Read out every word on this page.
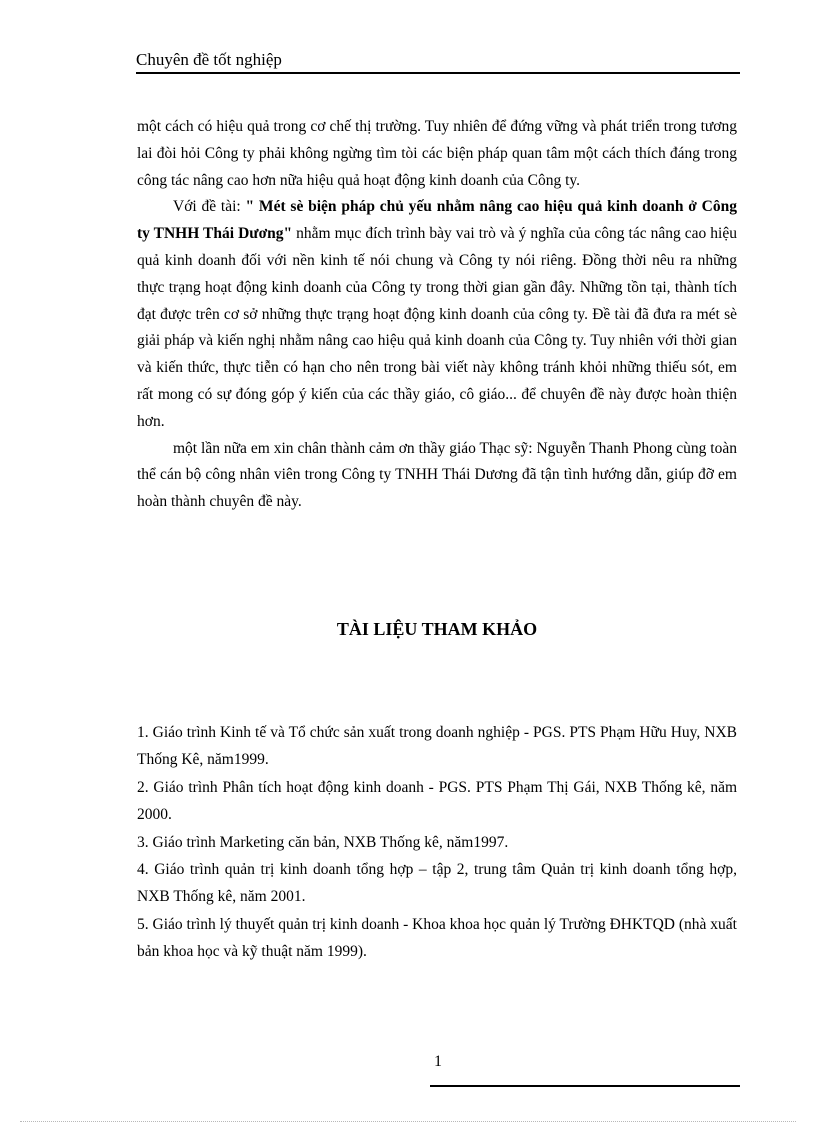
Chuyên đề tốt nghiệp

một cách có hiệu quả trong cơ chế thị trường. Tuy nhiên để đứng vững và phát triển trong tương lai đòi hỏi Công ty phải không ngừng tìm tòi các biện pháp quan tâm một cách thích đáng trong công tác nâng cao hơn nữa hiệu quả hoạt động kinh doanh của Công ty.

Với đề tài: " Mét sè biện pháp chủ yếu nhằm nâng cao hiệu quả kinh doanh ở Công ty TNHH Thái Dương" nhằm mục đích trình bày vai trò và ý nghĩa của công tác nâng cao hiệu quả kinh doanh đối với nền kinh tế nói chung và Công ty nói riêng. Đồng thời nêu ra những thực trạng hoạt động kinh doanh của Công ty trong thời gian gần đây. Những tồn tại, thành tích đạt được trên cơ sở những thực trạng hoạt động kinh doanh của công ty. Đề tài đã đưa ra mét sè giải pháp và kiến nghị nhằm nâng cao hiệu quả kinh doanh của Công ty. Tuy nhiên với thời gian và kiến thức, thực tiễn có hạn cho nên trong bài viết này không tránh khỏi những thiếu sót, em rất mong có sự đóng góp ý kiến của các thầy giáo, cô giáo... để chuyên đề này được hoàn thiện hơn.

một lần nữa em xin chân thành cảm ơn thầy giáo Thạc sỹ: Nguyễn Thanh Phong cùng toàn thể cán bộ công nhân viên trong Công ty TNHH Thái Dương đã tận tình hướng dẫn, giúp đỡ em hoàn thành chuyên đề này.

TÀI LIỆU THAM KHẢO
1. Giáo trình Kinh tế và Tổ chức sản xuất trong doanh nghiệp - PGS. PTS Phạm Hữu Huy, NXB Thống Kê, năm1999.
2. Giáo trình Phân tích hoạt động kinh doanh - PGS. PTS Phạm Thị Gái, NXB Thống kê, năm 2000.
3. Giáo trình Marketing căn bản, NXB Thống kê, năm1997.
4. Giáo trình quản trị kinh doanh tổng hợp – tập 2, trung tâm Quản trị kinh doanh tổng hợp, NXB Thống kê, năm 2001.
5. Giáo trình lý thuyết quản trị kinh doanh - Khoa khoa học quản lý Trường ĐHKTQD (nhà xuất bản khoa học và kỹ thuật năm 1999).
1
